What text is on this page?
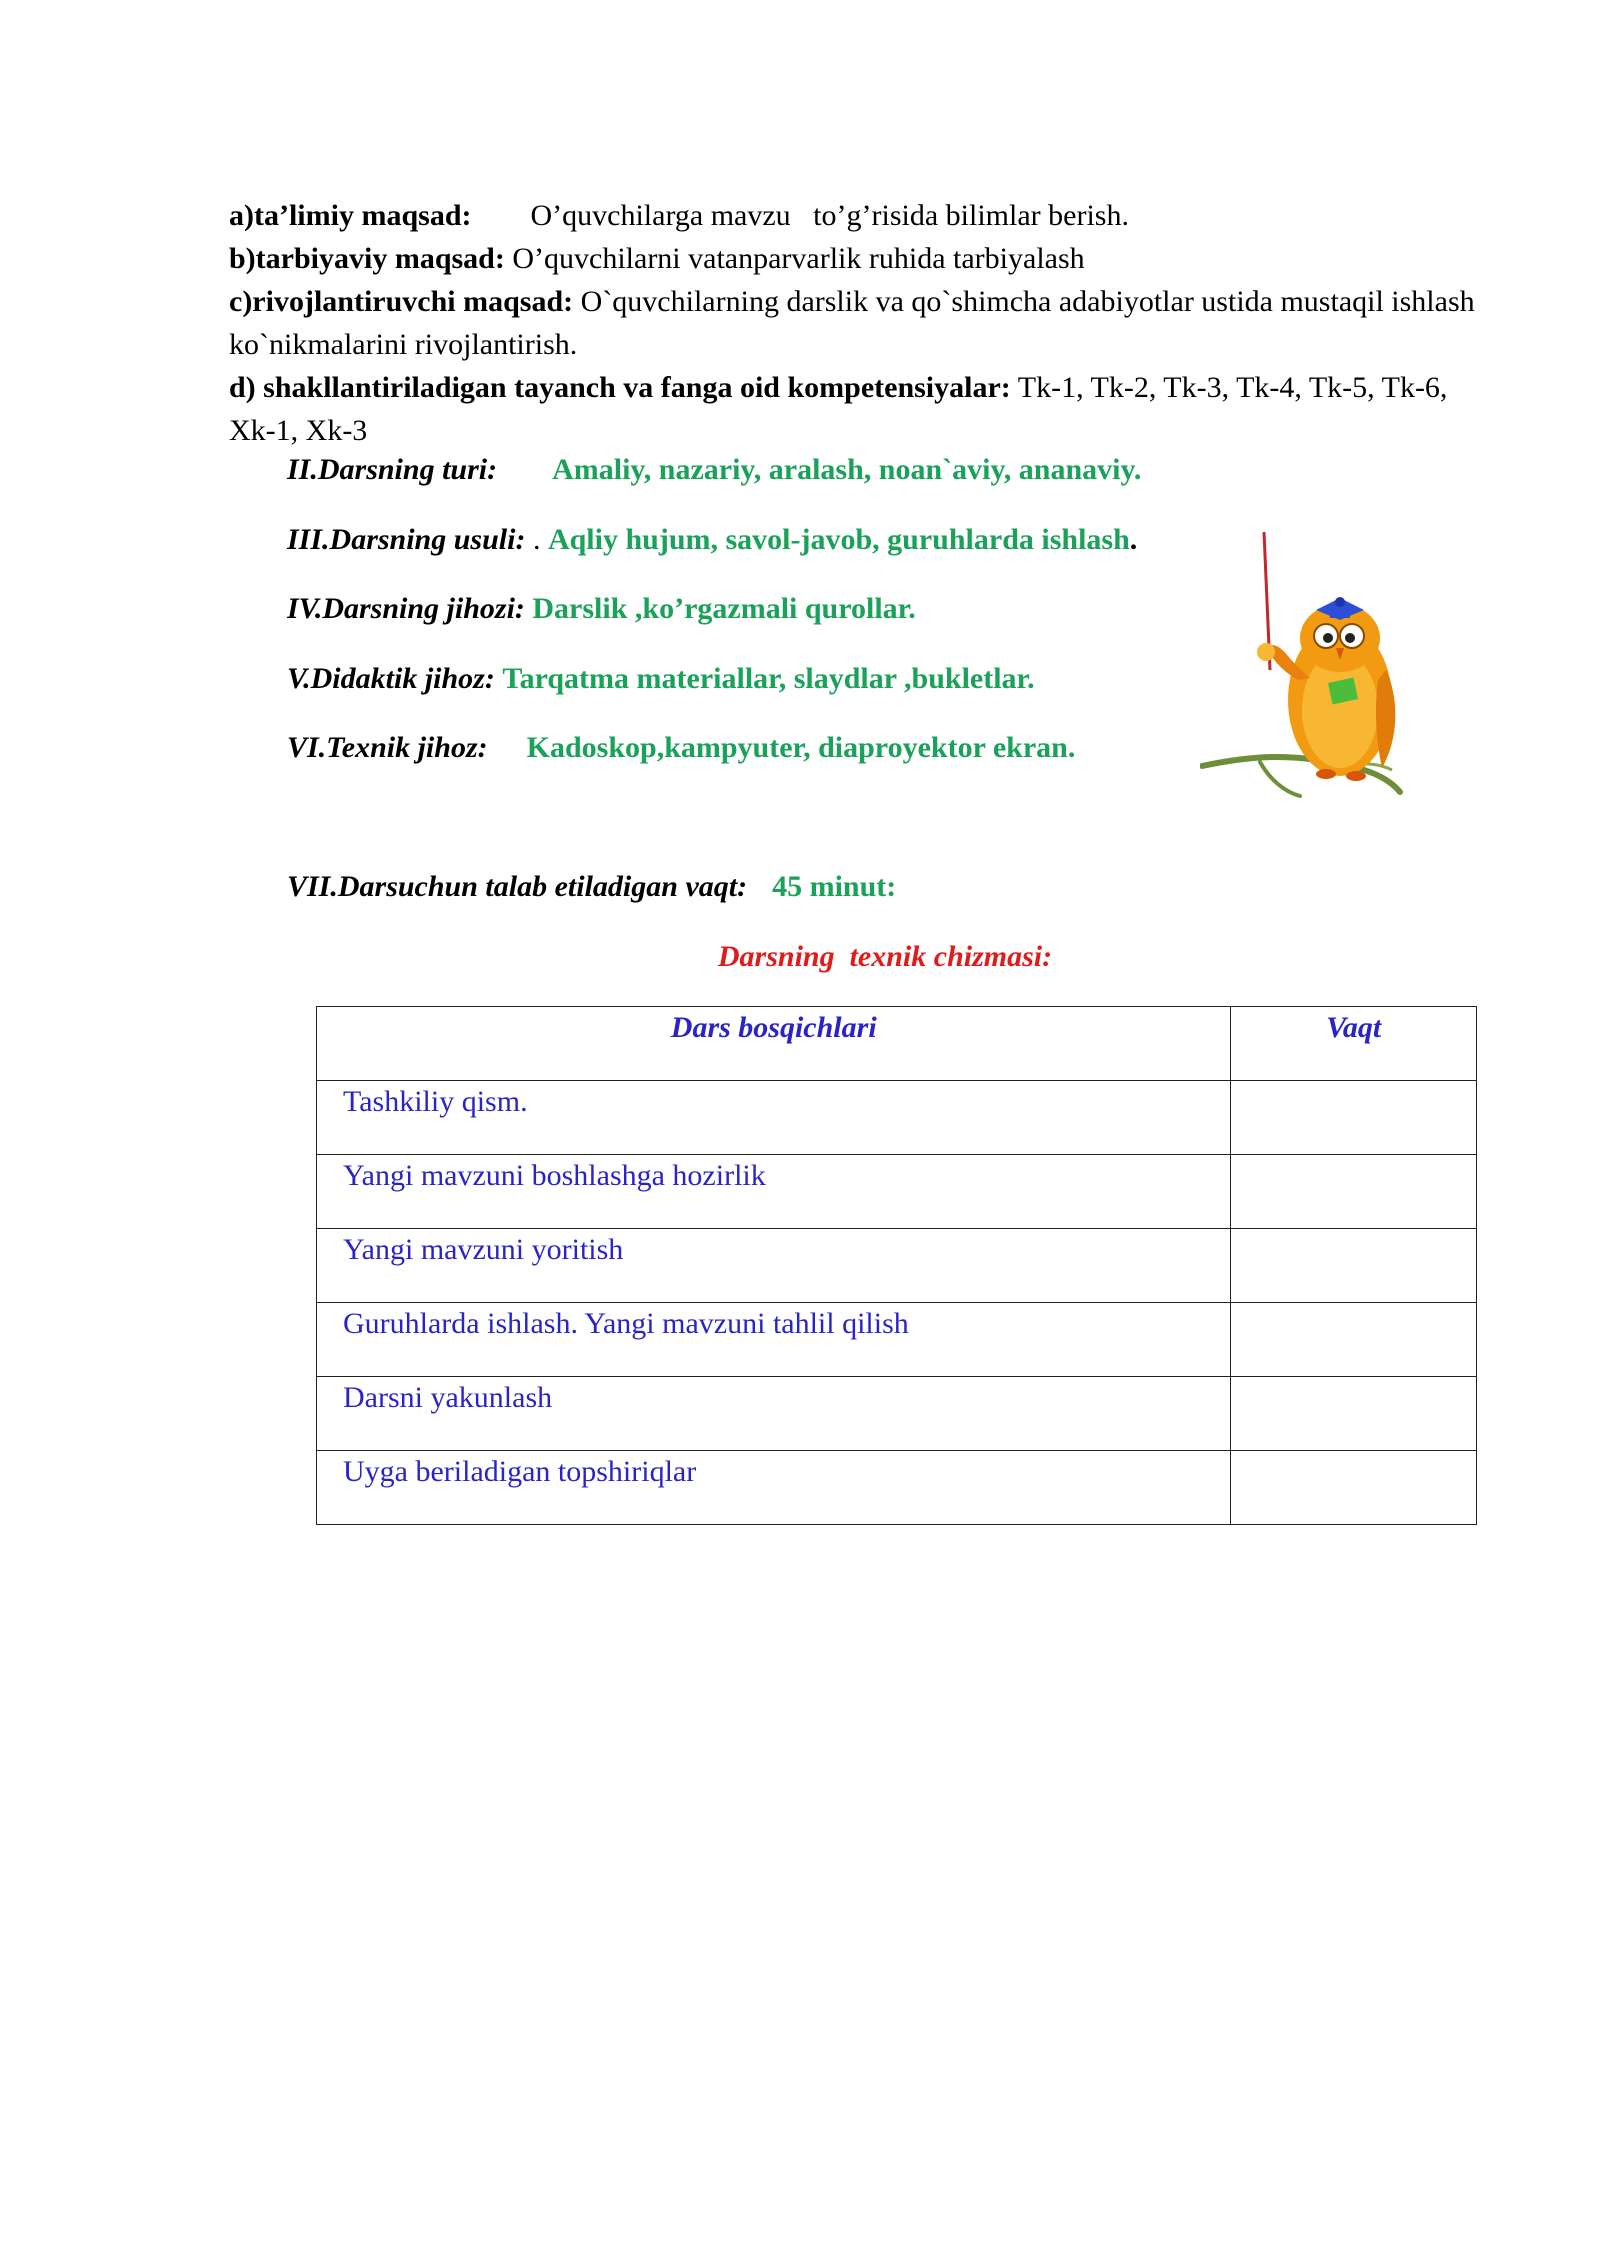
a)ta’limiy maqsad: O’quvchilarga mavzu   to’g’risida bilimlar berish.
b)tarbiyaviy maqsad: O’quvchilarni vatanparvarlik ruhida tarbiyalash
c)rivojlantiruvchi maqsad: O`quvchilarning darslik va qo`shimcha adabiyotlar ustida mustaqil ishlash ko`nikmalarini rivojlantirish.
d) shakllantiriladigan tayanch va fanga oid kompetensiyalar: Tk-1, Tk-2, Tk-3, Tk-4, Tk-5, Tk-6, Xk-1, Xk-3
II.Darsning turi: Amaliy, nazariy, aralash, noan`aviy, ananaviy.
III.Darsning usuli: . Aqliy hujum, savol-javob, guruhlarda ishlash.
IV.Darsning jihozi: Darslik ,ko’rgazmali qurollar.
V.Didaktik jihoz: Tarqatma materiallar, slaydlar ,bukletlar.
VI.Texnik jihoz: Kadoskop,kampyuter, diaproyektor ekran.
VII.Darsuchun talab etiladigan vaqt: 45 minut:
Darsning  texnik chizmasi:
Dars bosqichlari	Vaqt
Tashkiliy qism.	
Yangi mavzuni boshlashga hozirlik	
Yangi mavzuni yoritish	
Guruhlarda ishlash. Yangi mavzuni tahlil qilish	
Darsni yakunlash	
Uyga beriladigan topshiriqlar	
